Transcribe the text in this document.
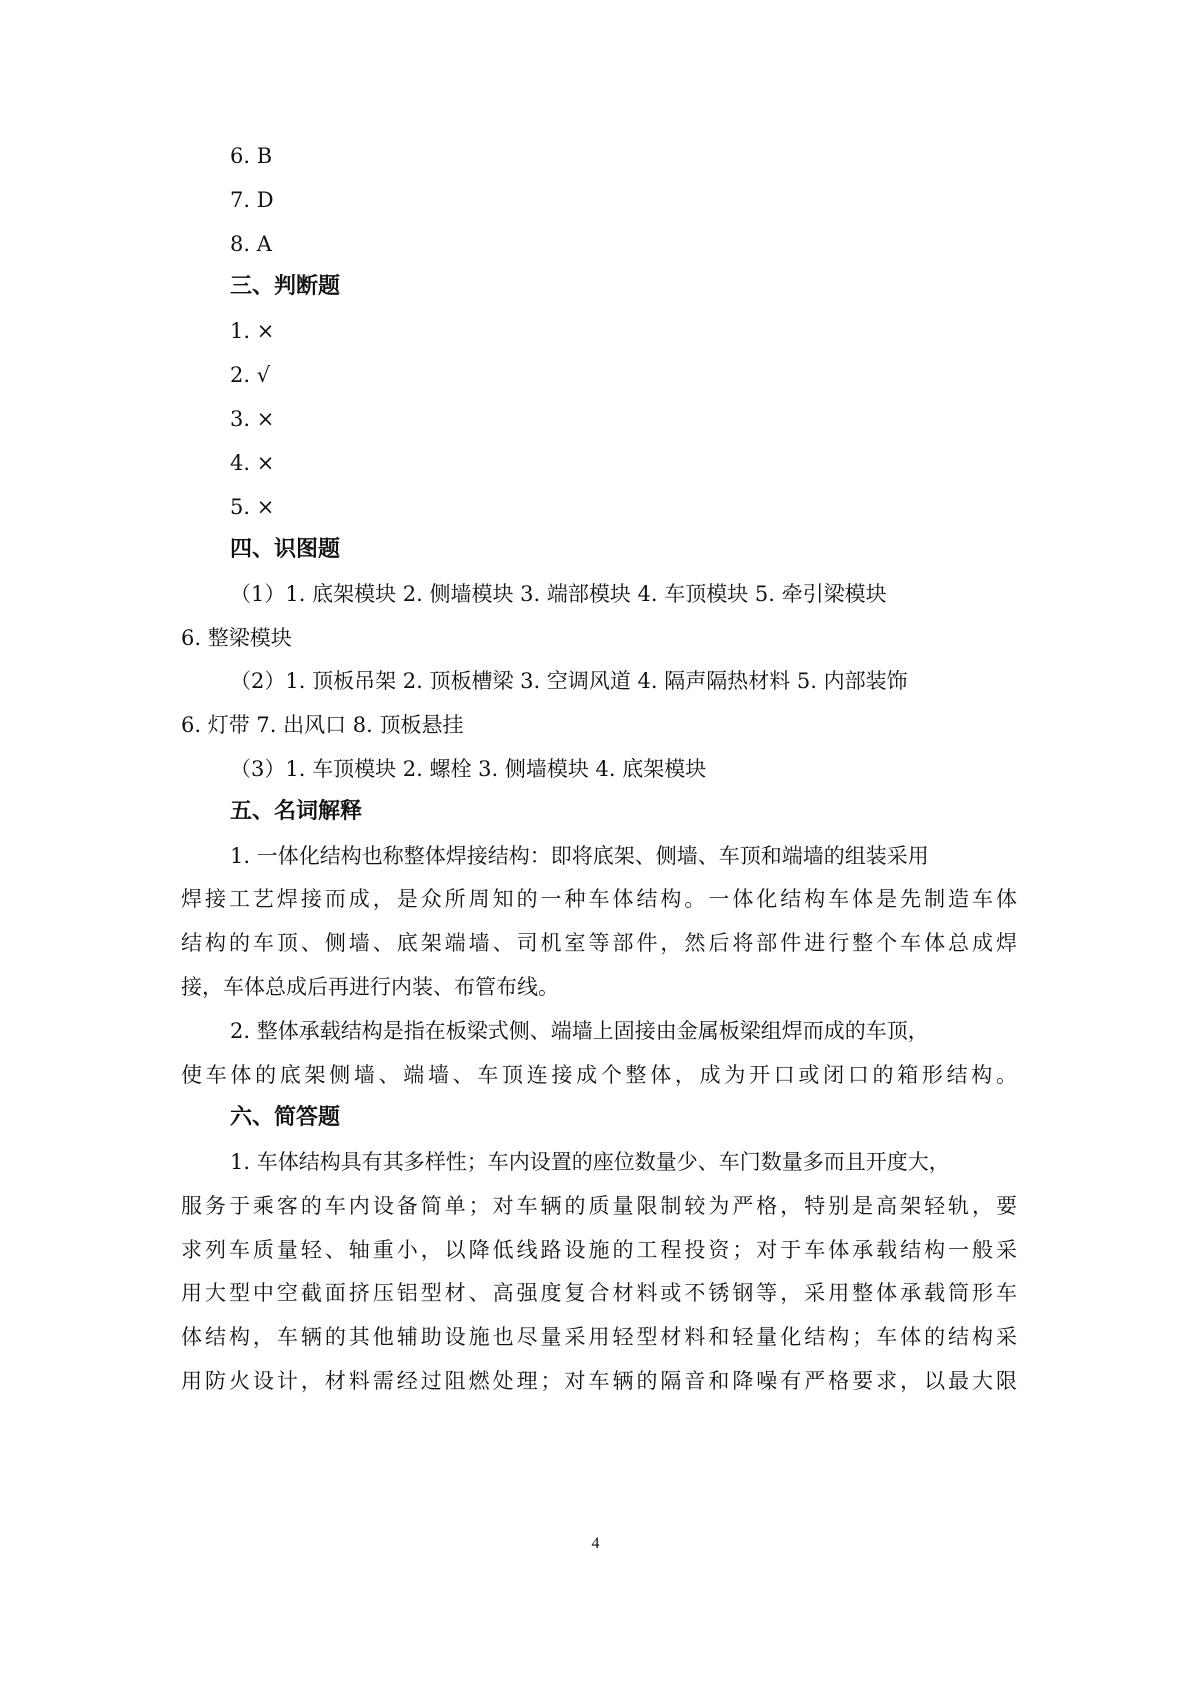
6. B
7. D
8. A
三、判断题
1. ×
2. √
3. ×
4. ×
5. ×
四、识图题
（1）1. 底架模块 2. 侧墙模块 3. 端部模块 4. 车顶模块 5. 牵引梁模块
6. 整梁模块
（2）1. 顶板吊架 2. 顶板槽梁 3. 空调风道 4. 隔声隔热材料 5. 内部装饰
6. 灯带 7. 出风口 8. 顶板悬挂
（3）1. 车顶模块 2. 螺栓 3. 侧墙模块 4. 底架模块
五、名词解释
1. 一体化结构也称整体焊接结构：即将底架、侧墙、车顶和端墙的组装采用
焊接工艺焊接而成，是众所周知的一种车体结构。一体化结构车体是先制造车体
结构的车顶、侧墙、底架端墙、司机室等部件，然后将部件进行整个车体总成焊
接，车体总成后再进行内装、布管布线。
2. 整体承载结构是指在板梁式侧、端墙上固接由金属板梁组焊而成的车顶，
使车体的底架侧墙、端墙、车顶连接成个整体，成为开口或闭口的箱形结构。
六、简答题
1. 车体结构具有其多样性；车内设置的座位数量少、车门数量多而且开度大，
服务于乘客的车内设备简单；对车辆的质量限制较为严格，特别是高架轻轨，要
求列车质量轻、轴重小，以降低线路设施的工程投资；对于车体承载结构一般采
用大型中空截面挤压铝型材、高强度复合材料或不锈钢等，采用整体承载筒形车
体结构，车辆的其他辅助设施也尽量采用轻型材料和轻量化结构；车体的结构采
用防火设计，材料需经过阻燃处理；对车辆的隔音和降噪有严格要求，以最大限
4
